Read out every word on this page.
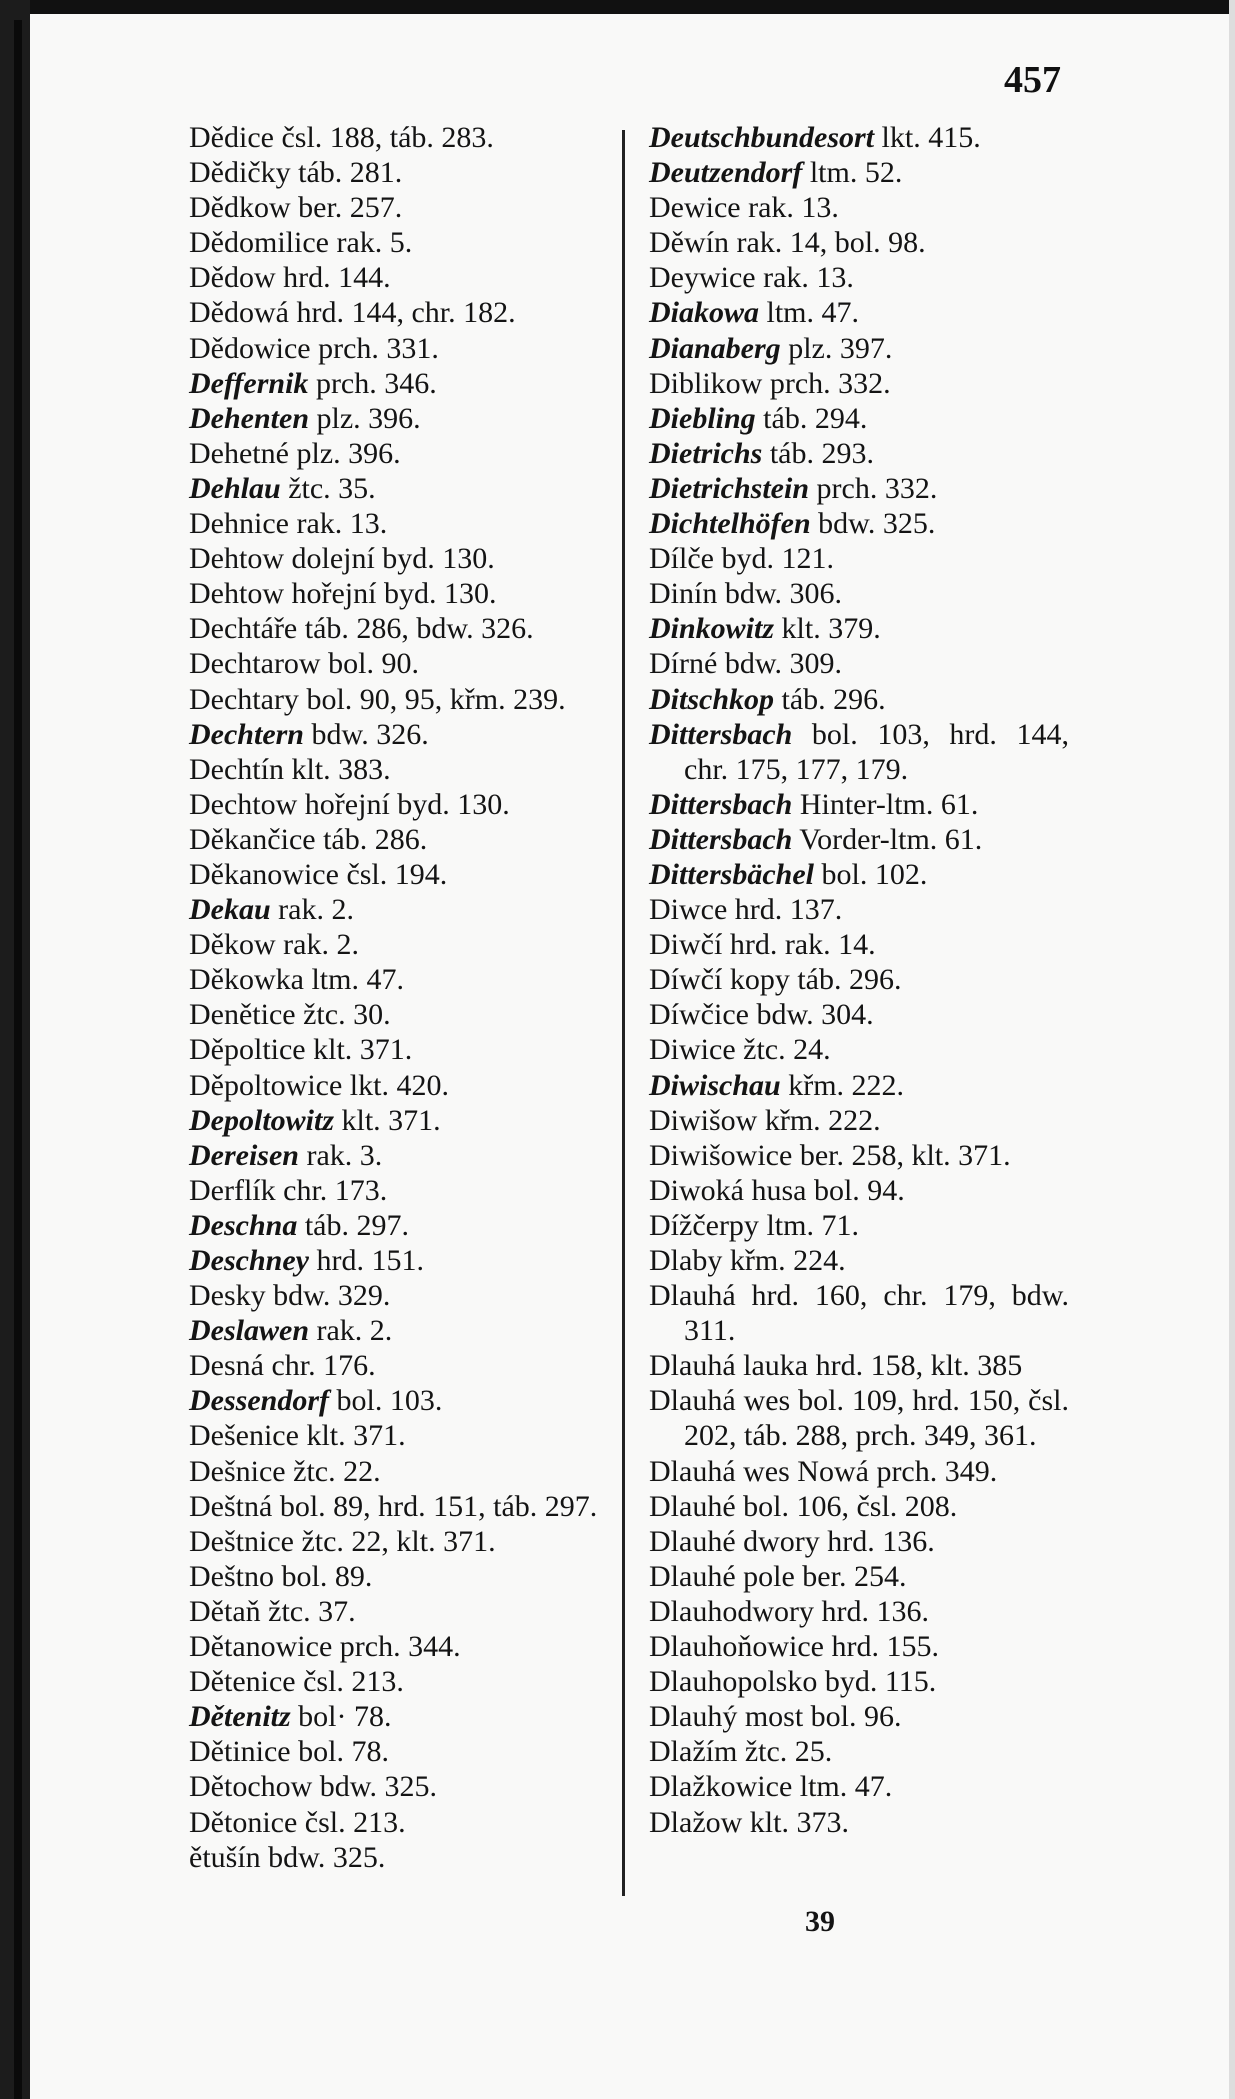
457
Dědice čsl. 188, táb. 283.
Dědičky táb. 281.
Dědkow ber. 257.
Dědomilice rak. 5.
Dědow hrd. 144.
Dědowá hrd. 144, chr. 182.
Dědowice prch. 331.
Deffernik prch. 346.
Dehenten plz. 396.
Dehetné plz. 396.
Dehlau žtc. 35.
Dehnice rak. 13.
Dehtow dolejní byd. 130.
Dehtow hořejní byd. 130.
Dechtáře táb. 286, bdw. 326.
Dechtarow bol. 90.
Dechtary bol. 90, 95, křm. 239.
Dechtern bdw. 326.
Dechtín klt. 383.
Dechtow hořejní byd. 130.
Děkančice táb. 286.
Děkanowice čsl. 194.
Dekau rak. 2.
Děkow rak. 2.
Děkowka ltm. 47.
Denětice žtc. 30.
Děpoltice klt. 371.
Děpoltowice lkt. 420.
Depoltowitz klt. 371.
Dereisen rak. 3.
Derflík chr. 173.
Deschna táb. 297.
Deschney hrd. 151.
Desky bdw. 329.
Deslawen rak. 2.
Desná chr. 176.
Dessendorf bol. 103.
Dešenice klt. 371.
Dešnice žtc. 22.
Deštná bol. 89, hrd. 151, táb. 297.
Deštnice žtc. 22, klt. 371.
Deštno bol. 89.
Dětaň žtc. 37.
Dětanowice prch. 344.
Dětenice čsl. 213.
Dětenitz bol· 78.
Dětinice bol. 78.
Dětochow bdw. 325.
Dětonice čsl. 213.
ětušín bdw. 325.
Deutschbundesort lkt. 415.
Deutzendorf ltm. 52.
Dewice rak. 13.
Děwín rak. 14, bol. 98.
Deywice rak. 13.
Diakowa ltm. 47.
Dianaberg plz. 397.
Diblikow prch. 332.
Diebling táb. 294.
Dietrichs táb. 293.
Dietrichstein prch. 332.
Dichtelhöfen bdw. 325.
Dílče byd. 121.
Dinín bdw. 306.
Dinkowitz klt. 379.
Dírné bdw. 309.
Ditschkop táb. 296.
Dittersbach bol. 103, hrd. 144, chr. 175, 177, 179.
Dittersbach Hinter-ltm. 61.
Dittersbach Vorder-ltm. 61.
Dittersbächel bol. 102.
Diwce hrd. 137.
Diwčí hrd. rak. 14.
Díwčí kopy táb. 296.
Díwčice bdw. 304.
Diwice žtc. 24.
Diwischau křm. 222.
Diwišow křm. 222.
Diwišowice ber. 258, klt. 371.
Diwoká husa bol. 94.
Dížčerpy ltm. 71.
Dlaby křm. 224.
Dlauhá hrd. 160, chr. 179, bdw. 311.
Dlauhá lauka hrd. 158, klt. 385
Dlauhá wes bol. 109, hrd. 150, čsl. 202, táb. 288, prch. 349, 361.
Dlauhá wes Nowá prch. 349.
Dlauhé bol. 106, čsl. 208.
Dlauhé dwory hrd. 136.
Dlauhé pole ber. 254.
Dlauhodwory hrd. 136.
Dlauhoňowice hrd. 155.
Dlauhopolsko byd. 115.
Dlauhý most bol. 96.
Dlažím žtc. 25.
Dlažkowice ltm. 47.
Dlažow klt. 373.
39
